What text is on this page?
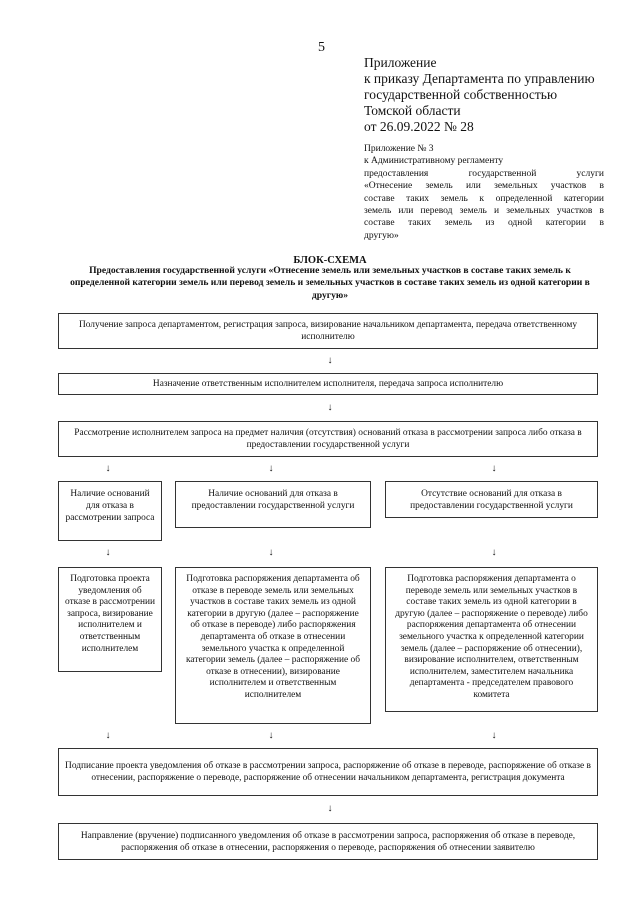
5
Приложение
к приказу Департамента по управлению
государственной собственностью
Томской области
от 26.09.2022 № 28
Приложение № 3
к Административному регламенту
предоставления государственной услуги
«Отнесение земель или земельных участков в
составе таких земель к определенной категории
земель или перевод земель и земельных участков в
составе таких земель из одной категории в
другую»
БЛОК-СХЕМА
Предоставления государственной услуги «Отнесение земель или земельных участков в составе таких земель к определенной категории земель или перевод земель и земельных участков в составе таких земель из одной категории в другую»
Получение запроса департаментом, регистрация запроса, визирование начальником департамента, передача ответственному исполнителю
↓
Назначение ответственным исполнителем исполнителя, передача запроса исполнителю
↓
Рассмотрение исполнителем запроса на предмет наличия (отсутствия) оснований отказа в рассмотрении запроса либо отказа в предоставлении государственной услуги
↓	↓	↓
Наличие оснований для отказа в рассмотрении запроса
Наличие оснований для отказа в предоставлении государственной услуги
Отсутствие оснований для отказа в предоставлении государственной услуги
↓	↓	↓
Подготовка проекта уведомления об отказе в рассмотрении запроса, визирование исполнителем и ответственным исполнителем
Подготовка распоряжения департамента об отказе в переводе земель или земельных участков в составе таких земель из одной категории в другую (далее – распоряжение об отказе в переводе) либо распоряжения департамента об отказе в отнесении земельного участка к определенной категории земель (далее – распоряжение об отказе в отнесении), визирование исполнителем и ответственным исполнителем
Подготовка распоряжения департамента о переводе земель или земельных участков в составе таких земель из одной категории в другую (далее – распоряжение о переводе) либо распоряжения департамента об отнесении земельного участка к определенной категории земель (далее – распоряжение об отнесении), визирование исполнителем, ответственным исполнителем, заместителем начальника департамента - председателем правового комитета
↓	↓	↓
Подписание проекта уведомления об отказе в рассмотрении запроса, распоряжение об отказе в переводе, распоряжение об отказе в отнесении, распоряжение о переводе, распоряжение об отнесении начальником департамента, регистрация документа
↓
Направление (вручение) подписанного уведомления об отказе в рассмотрении запроса, распоряжения об отказе в переводе, распоряжения об отказе в отнесении, распоряжения о переводе, распоряжения об отнесении заявителю
